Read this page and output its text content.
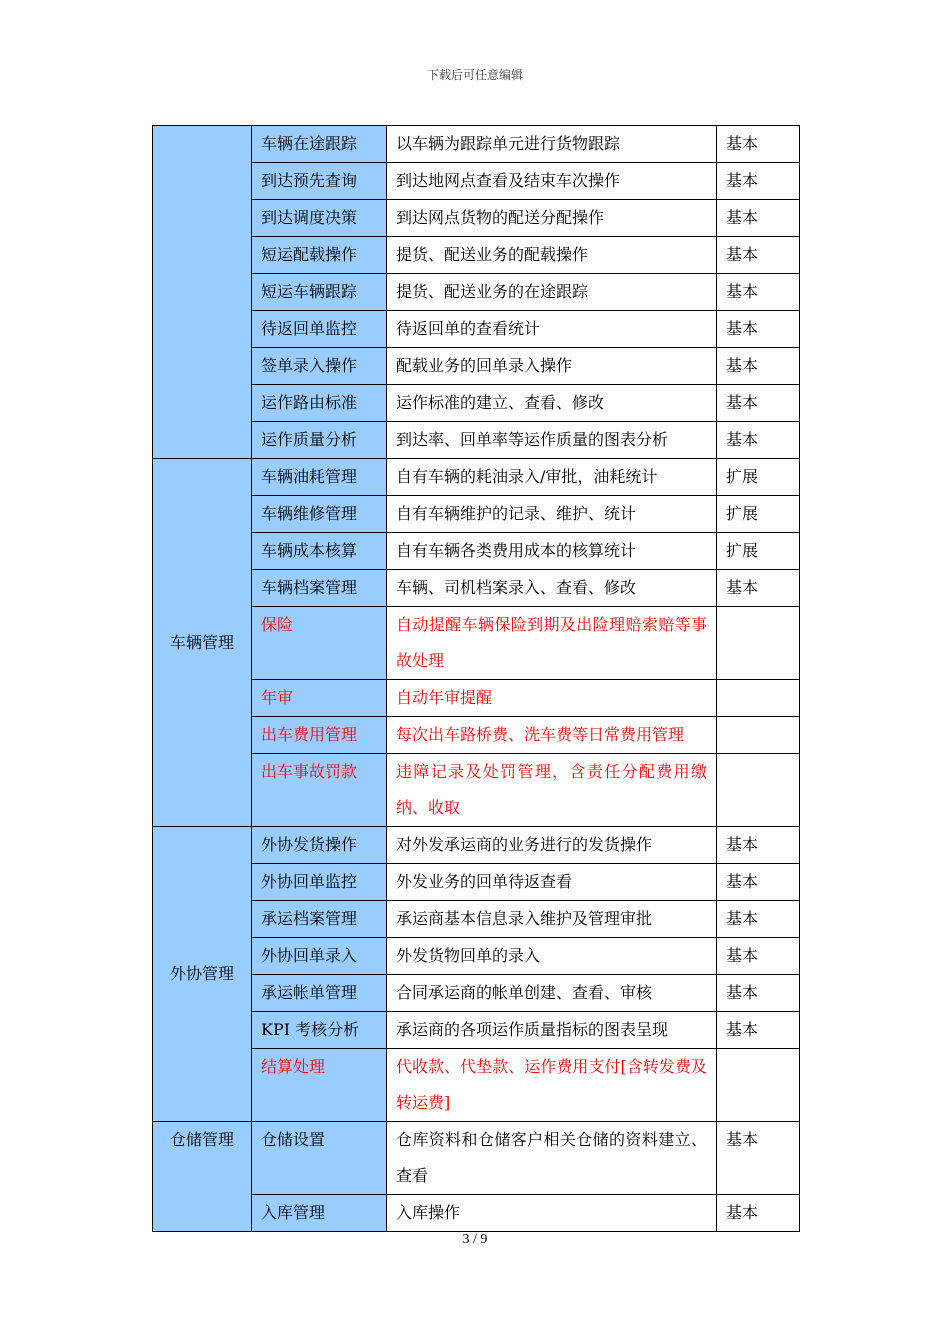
下载后可任意编辑
	车辆在途跟踪	以车辆为跟踪单元进行货物跟踪	基本
	到达预先查询	到达地网点查看及结束车次操作	基本
	到达调度决策	到达网点货物的配送分配操作	基本
	短运配载操作	提货、配送业务的配载操作	基本
	短运车辆跟踪	提货、配送业务的在途跟踪	基本
	待返回单监控	待返回单的查看统计	基本
	签单录入操作	配载业务的回单录入操作	基本
	运作路由标准	运作标准的建立、查看、修改	基本
	运作质量分析	到达率、回单率等运作质量的图表分析	基本
车辆管理	车辆油耗管理	自有车辆的耗油录入/审批，油耗统计	扩展
	车辆维修管理	自有车辆维护的记录、维护、统计	扩展
	车辆成本核算	自有车辆各类费用成本的核算统计	扩展
	车辆档案管理	车辆、司机档案录入、查看、修改	基本
	保险	自动提醒车辆保险到期及出险理赔索赔等事故处理	
	年审	自动年审提醒	
	出车费用管理	每次出车路桥费、洗车费等日常费用管理	
	出车事故罚款	违障记录及处罚管理，含责任分配费用缴纳、收取	
外协管理	外协发货操作	对外发承运商的业务进行的发货操作	基本
	外协回单监控	外发业务的回单待返查看	基本
	承运档案管理	承运商基本信息录入维护及管理审批	基本
	外协回单录入	外发货物回单的录入	基本
	承运帐单管理	合同承运商的帐单创建、查看、审核	基本
	KPI 考核分析	承运商的各项运作质量指标的图表呈现	基本
	结算处理	代收款、代垫款、运作费用支付[含转发费及转运费]	
仓储管理	仓储设置	仓库资料和仓储客户相关仓储的资料建立、查看	基本
	入库管理	入库操作	基本
3 / 9
